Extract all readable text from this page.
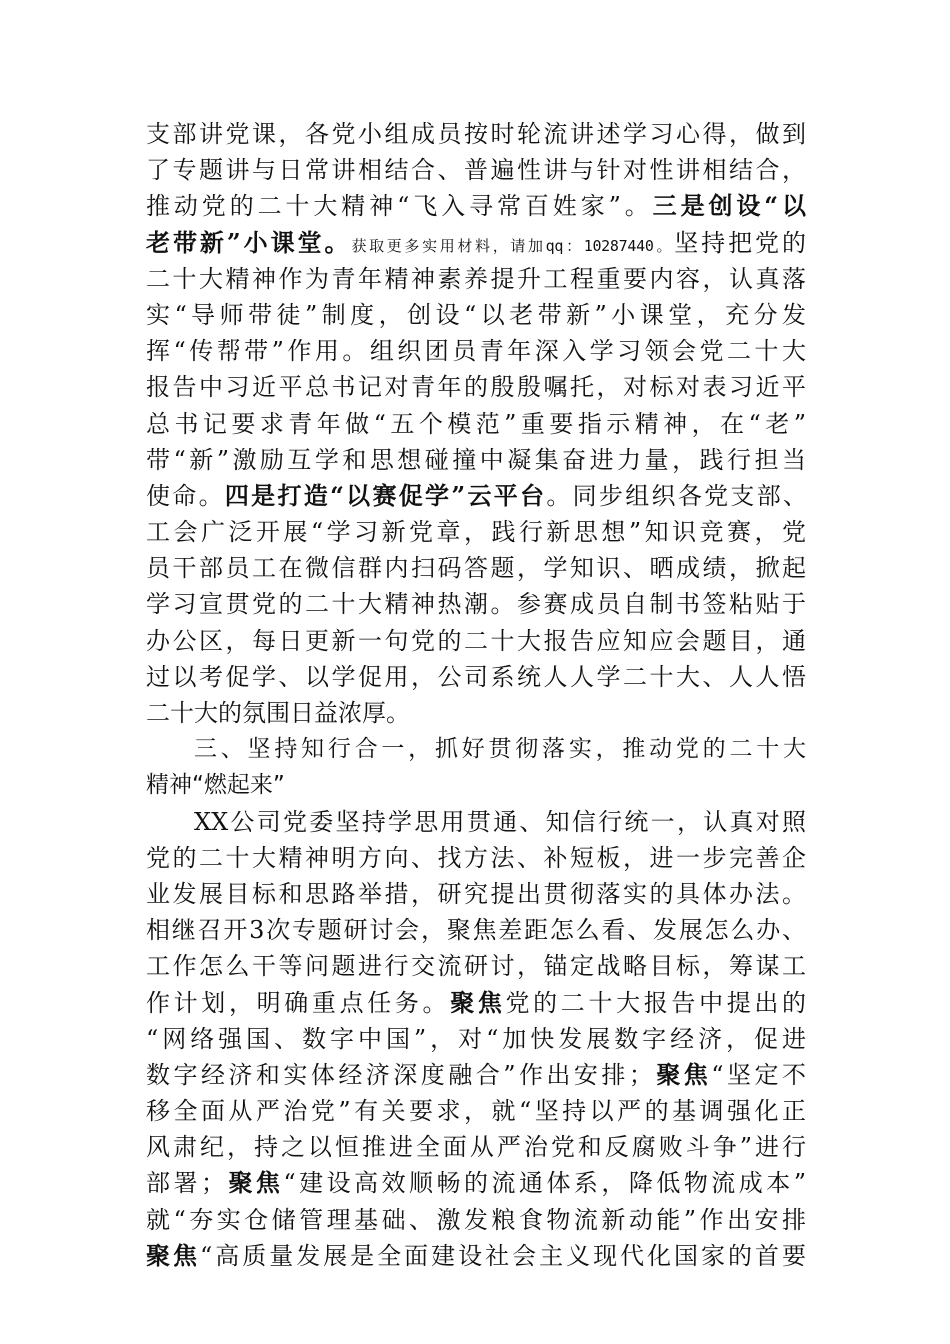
支部讲党课，各党小组成员按时轮流讲述学习心得，做到
了专题讲与日常讲相结合、普遍性讲与针对性讲相结合，
推动党的二十大精神“飞入寻常百姓家”。三是创设“以
老带新”小课堂。获取更多实用材料，请加qq：10287440。坚持把党的
二十大精神作为青年精神素养提升工程重要内容，认真落
实“导师带徒”制度，创设“以老带新”小课堂，充分发
挥“传帮带”作用。组织团员青年深入学习领会党二十大
报告中习近平总书记对青年的殷殷嘱托，对标对表习近平
总书记要求青年做“五个模范”重要指示精神，在“老”
带“新”激励互学和思想碰撞中凝集奋进力量，践行担当
使命。四是打造“以赛促学”云平台。同步组织各党支部、
工会广泛开展“学习新党章，践行新思想”知识竞赛，党
员干部员工在微信群内扫码答题，学知识、晒成绩，掀起
学习宣贯党的二十大精神热潮。参赛成员自制书签粘贴于
办公区，每日更新一句党的二十大报告应知应会题目，通
过以考促学、以学促用，公司系统人人学二十大、人人悟
二十大的氛围日益浓厚。
三、坚持知行合一，抓好贯彻落实，推动党的二十大
精神“燃起来”
XX公司党委坚持学思用贯通、知信行统一，认真对照
党的二十大精神明方向、找方法、补短板，进一步完善企
业发展目标和思路举措，研究提出贯彻落实的具体办法。
相继召开3次专题研讨会，聚焦差距怎么看、发展怎么办、
工作怎么干等问题进行交流研讨，锚定战略目标，筹谋工
作计划，明确重点任务。聚焦党的二十大报告中提出的
“网络强国、数字中国”，对“加快发展数字经济，促进
数字经济和实体经济深度融合”作出安排；聚焦“坚定不
移全面从严治党”有关要求，就“坚持以严的基调强化正
风肃纪，持之以恒推进全面从严治党和反腐败斗争”进行
部署；聚焦“建设高效顺畅的流通体系，降低物流成本”
就“夯实仓储管理基础、激发粮食物流新动能”作出安排
聚焦“高质量发展是全面建设社会主义现代化国家的首要
